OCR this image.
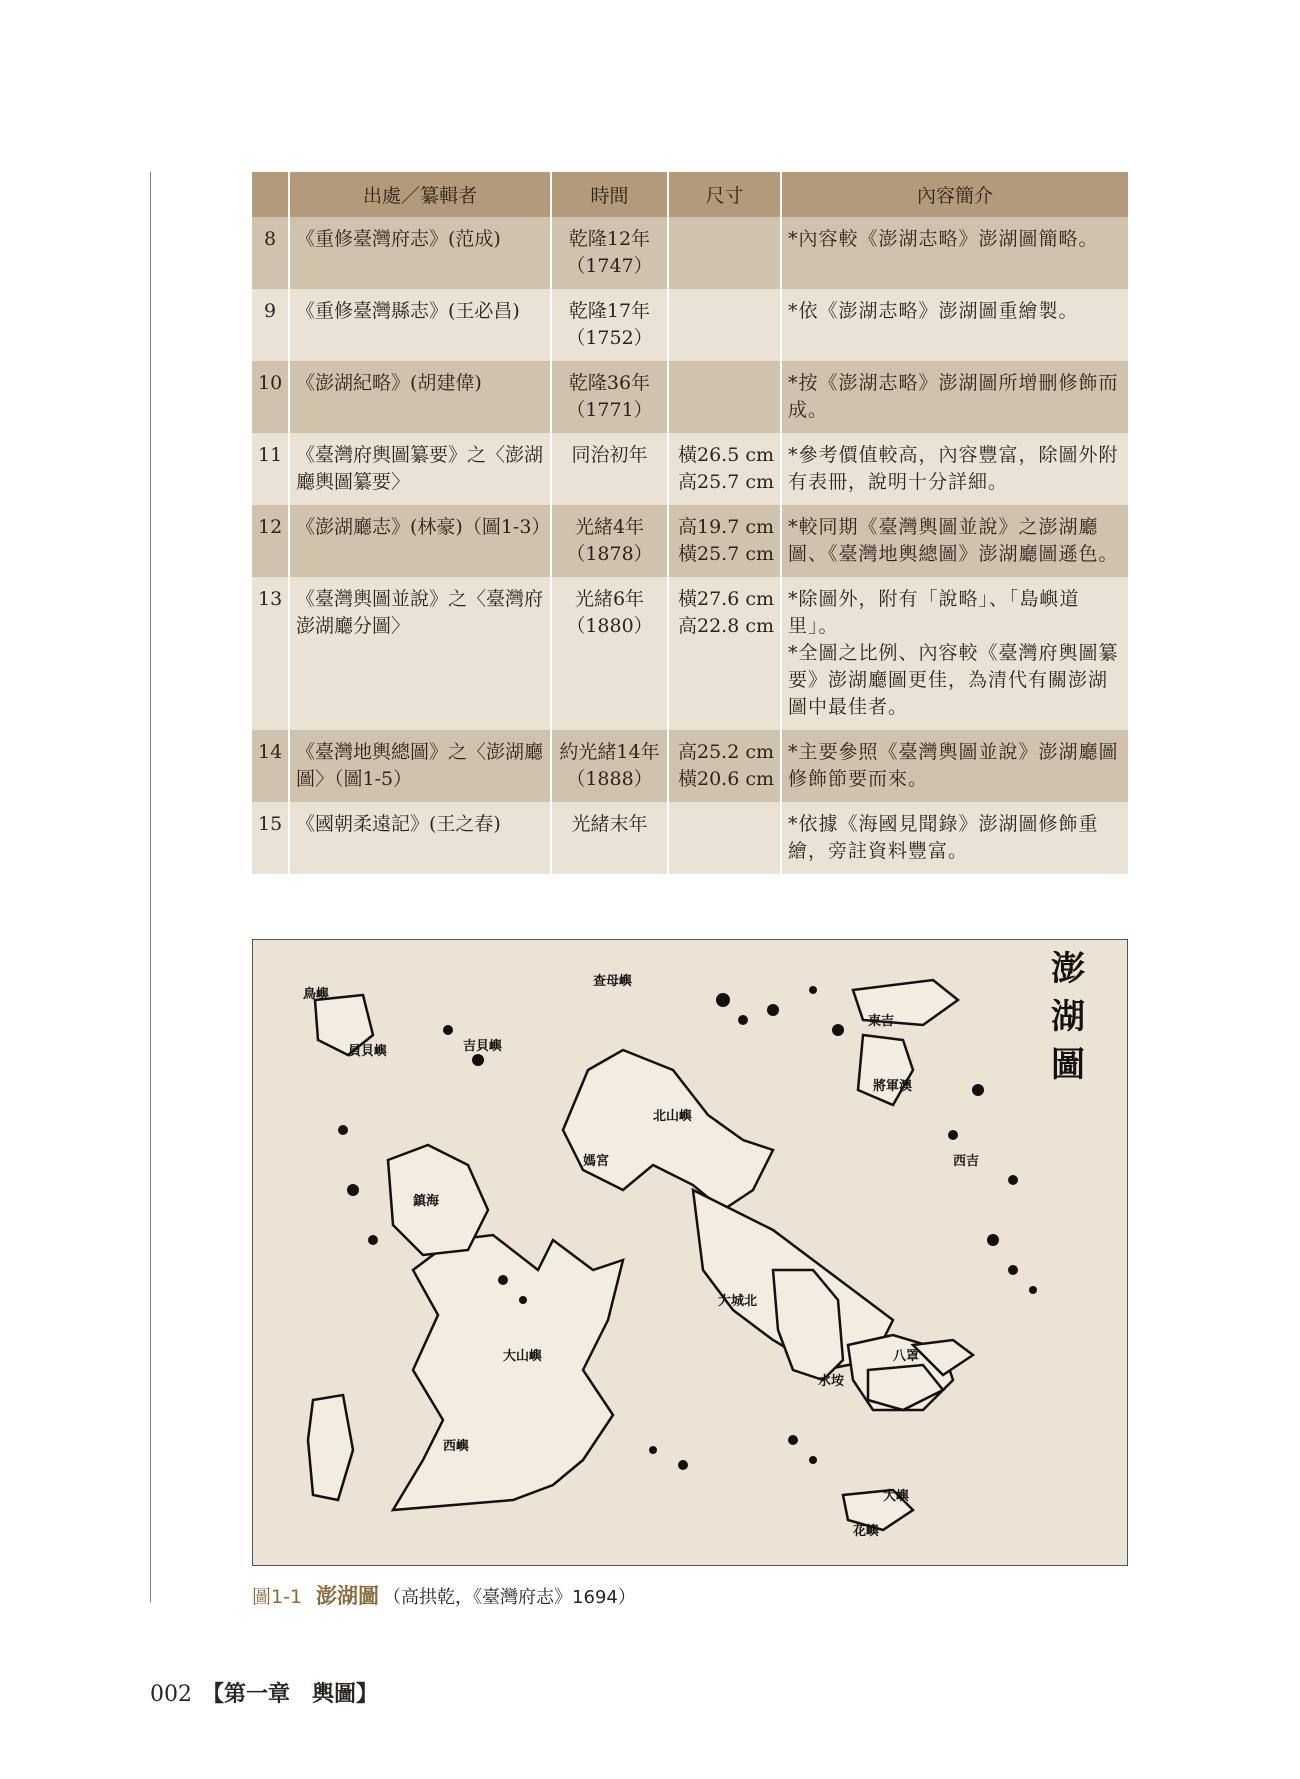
	出處／纂輯者	時間	尺寸	內容簡介
8	《重修臺灣府志》(范成)	乾隆12年（1747）		*內容較《澎湖志略》澎湖圖簡略。

9	《重修臺灣縣志》(王必昌)	乾隆17年（1752）		*依《澎湖志略》澎湖圖重繪製。

10	《澎湖紀略》(胡建偉)	乾隆36年（1771）		*按《澎湖志略》澎湖圖所增刪修飾而成。

11	《臺灣府輿圖纂要》之〈澎湖廳輿圖纂要〉	同治初年	橫26.5 cm 高25.7 cm	*參考價值較高，內容豐富，除圖外附有表冊，說明十分詳細。

12	《澎湖廳志》(林豪)（圖1-3）	光緒4年（1878）	高19.7 cm 橫25.7 cm	*較同期《臺灣輿圖並說》之澎湖廳圖、《臺灣地輿總圖》澎湖廳圖遜色。

13	《臺灣輿圖並說》之〈臺灣府澎湖廳分圖〉	光緒6年（1880）	橫27.6 cm 高22.8 cm	*除圖外，附有「說略」、「島嶼道里」。
*全圖之比例、內容較《臺灣府輿圖纂要》澎湖廳圖更佳，為清代有關澎湖圖中最佳者。

14	《臺灣地輿總圖》之〈澎湖廳圖〉（圖1-5）	約光緒14年（1888）	高25.2 cm 橫20.6 cm	*主要參照《臺灣輿圖並說》澎湖廳圖修飾節要而來。

15	《國朝柔遠記》(王之春)	光緒末年		*依據《海國見聞錄》澎湖圖修飾重繪，旁註資料豐富。
澎
湖
圖
鳥嶼
員貝嶼
查母嶼
東吉
西吉
八罩
花嶼
大嶼
將軍澳
水垵
吉貝嶼
媽宮
大城北
西嶼
大山嶼
鎮海
北山嶼
圖1-1 澎湖圖 （高拱乾，《臺灣府志》1694）
002 【第一章　輿圖】
